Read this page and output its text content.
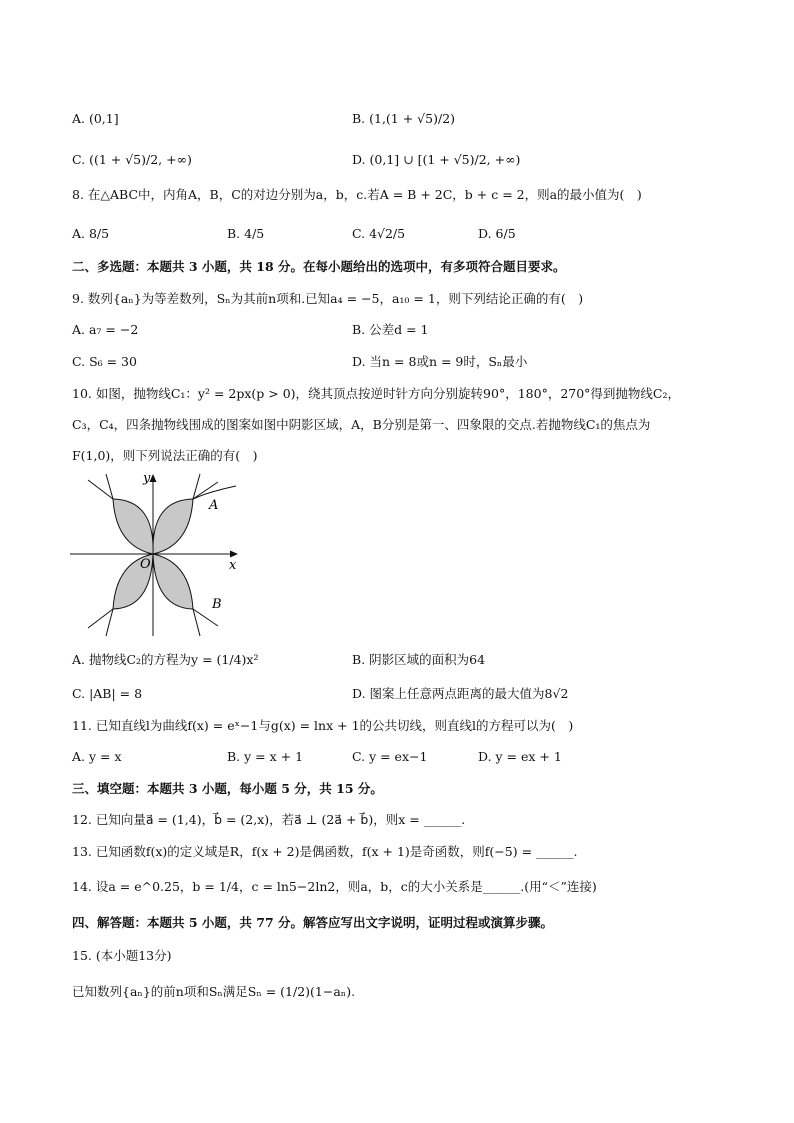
A. (0,1]	B. (1,(1 + √5)/2)
C. ((1 + √5)/2, +∞)	D. (0,1] ∪ [(1 + √5)/2, +∞)
8. 在△ABC中，内角A，B，C的对边分别为a，b，c.若A = B + 2C，b + c = 2，则a的最小值为(　)
A. 8/5	B. 4/5	C. 4√2/5	D. 6/5
二、多选题：本题共 3 小题，共 18 分。在每小题给出的选项中，有多项符合题目要求。
9. 数列{aₙ}为等差数列，Sₙ为其前n项和.已知a₄ = −5，a₁₀ = 1，则下列结论正确的有(　)
A. a₇ = −2	B. 公差d = 1
C. S₆ = 30	D. 当n = 8或n = 9时，Sₙ最小
10. 如图，抛物线C₁：y² = 2px(p > 0)，绕其顶点按逆时针方向分别旋转90°，180°，270°得到抛物线C₂，
C₃，C₄，四条抛物线围成的图案如图中阴影区域，A，B分别是第一、四象限的交点.若抛物线C₁的焦点为
F(1,0)，则下列说法正确的有(　)
y
x
O
A
B
A. 抛物线C₂的方程为y = (1/4)x²	B. 阴影区域的面积为64
C. |AB| = 8	D. 图案上任意两点距离的最大值为8√2
11. 已知直线l为曲线f(x) = eˣ−1与g(x) = lnx + 1的公共切线，则直线l的方程可以为(　)
A. y = x	B. y = x + 1	C. y = ex−1	D. y = ex + 1
三、填空题：本题共 3 小题，每小题 5 分，共 15 分。
12. 已知向量a⃗ = (1,4)，b⃗ = (2,x)，若a⃗ ⊥ (2a⃗ + b⃗)，则x = ______.
13. 已知函数f(x)的定义域是R，f(x + 2)是偶函数，f(x + 1)是奇函数，则f(−5) = ______.
14. 设a = e^0.25，b = 1/4，c = ln5−2ln2，则a，b，c的大小关系是______.(用“＜”连接)
四、解答题：本题共 5 小题，共 77 分。解答应写出文字说明，证明过程或演算步骤。
15. (本小题13分)
已知数列{aₙ}的前n项和Sₙ满足Sₙ = (1/2)(1−aₙ).
